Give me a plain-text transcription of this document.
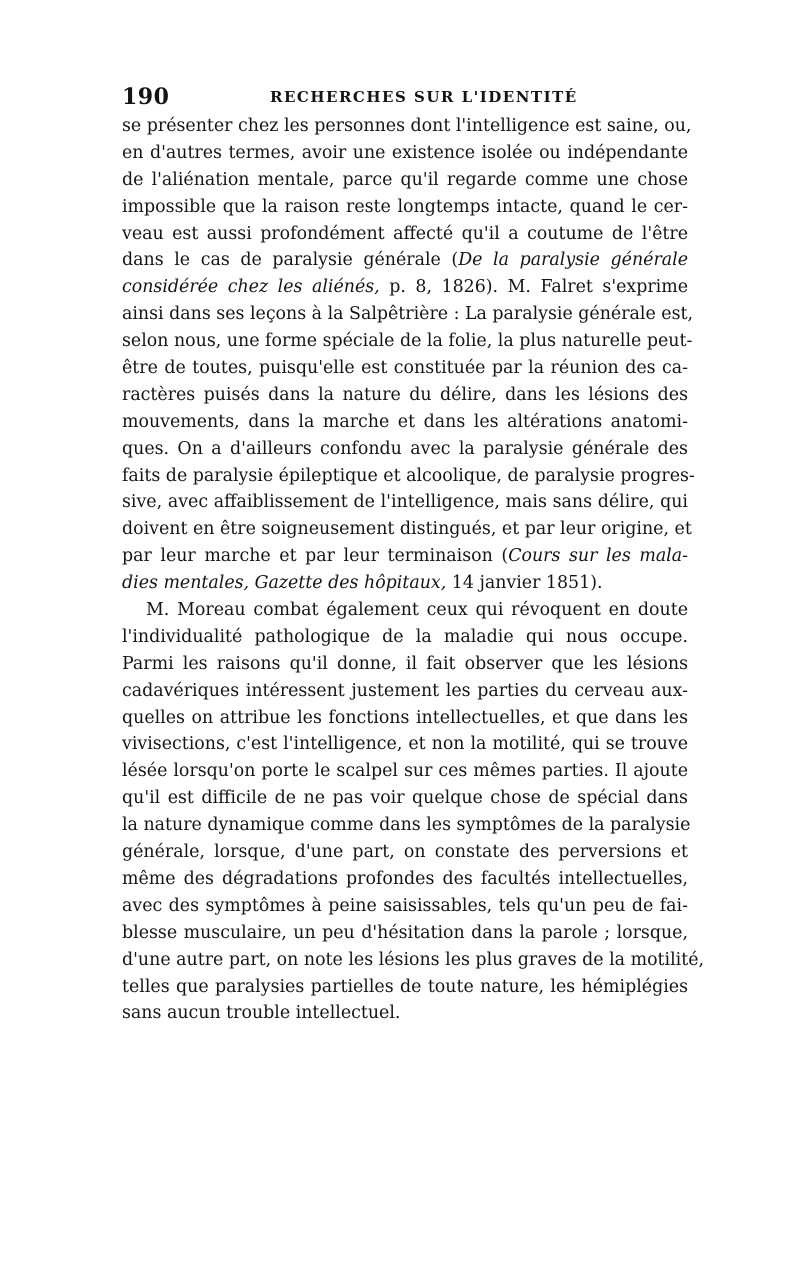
190	RECHERCHES SUR L'IDENTITÉ
se présenter chez les personnes dont l'intelligence est saine, ou,
en d'autres termes, avoir une existence isolée ou indépendante
de l'aliénation mentale, parce qu'il regarde comme une chose
impossible que la raison reste longtemps intacte, quand le cer-
veau est aussi profondément affecté qu'il a coutume de l'être
dans le cas de paralysie générale (De la paralysie générale
considérée chez les aliénés, p. 8, 1826). M. Falret s'exprime
ainsi dans ses leçons à la Salpêtrière : La paralysie générale est,
selon nous, une forme spéciale de la folie, la plus naturelle peut-
être de toutes, puisqu'elle est constituée par la réunion des ca-
ractères puisés dans la nature du délire, dans les lésions des
mouvements, dans la marche et dans les altérations anatomi-
ques. On a d'ailleurs confondu avec la paralysie générale des
faits de paralysie épileptique et alcoolique, de paralysie progres-
sive, avec affaiblissement de l'intelligence, mais sans délire, qui
doivent en être soigneusement distingués, et par leur origine, et
par leur marche et par leur terminaison (Cours sur les mala-
dies mentales, Gazette des hôpitaux, 14 janvier 1851).
M. Moreau combat également ceux qui révoquent en doute
l'individualité pathologique de la maladie qui nous occupe.
Parmi les raisons qu'il donne, il fait observer que les lésions
cadavériques intéressent justement les parties du cerveau aux-
quelles on attribue les fonctions intellectuelles, et que dans les
vivisections, c'est l'intelligence, et non la motilité, qui se trouve
lésée lorsqu'on porte le scalpel sur ces mêmes parties. Il ajoute
qu'il est difficile de ne pas voir quelque chose de spécial dans
la nature dynamique comme dans les symptômes de la paralysie
générale, lorsque, d'une part, on constate des perversions et
même des dégradations profondes des facultés intellectuelles,
avec des symptômes à peine saisissables, tels qu'un peu de fai-
blesse musculaire, un peu d'hésitation dans la parole ; lorsque,
d'une autre part, on note les lésions les plus graves de la motilité,
telles que paralysies partielles de toute nature, les hémiplégies
sans aucun trouble intellectuel.
